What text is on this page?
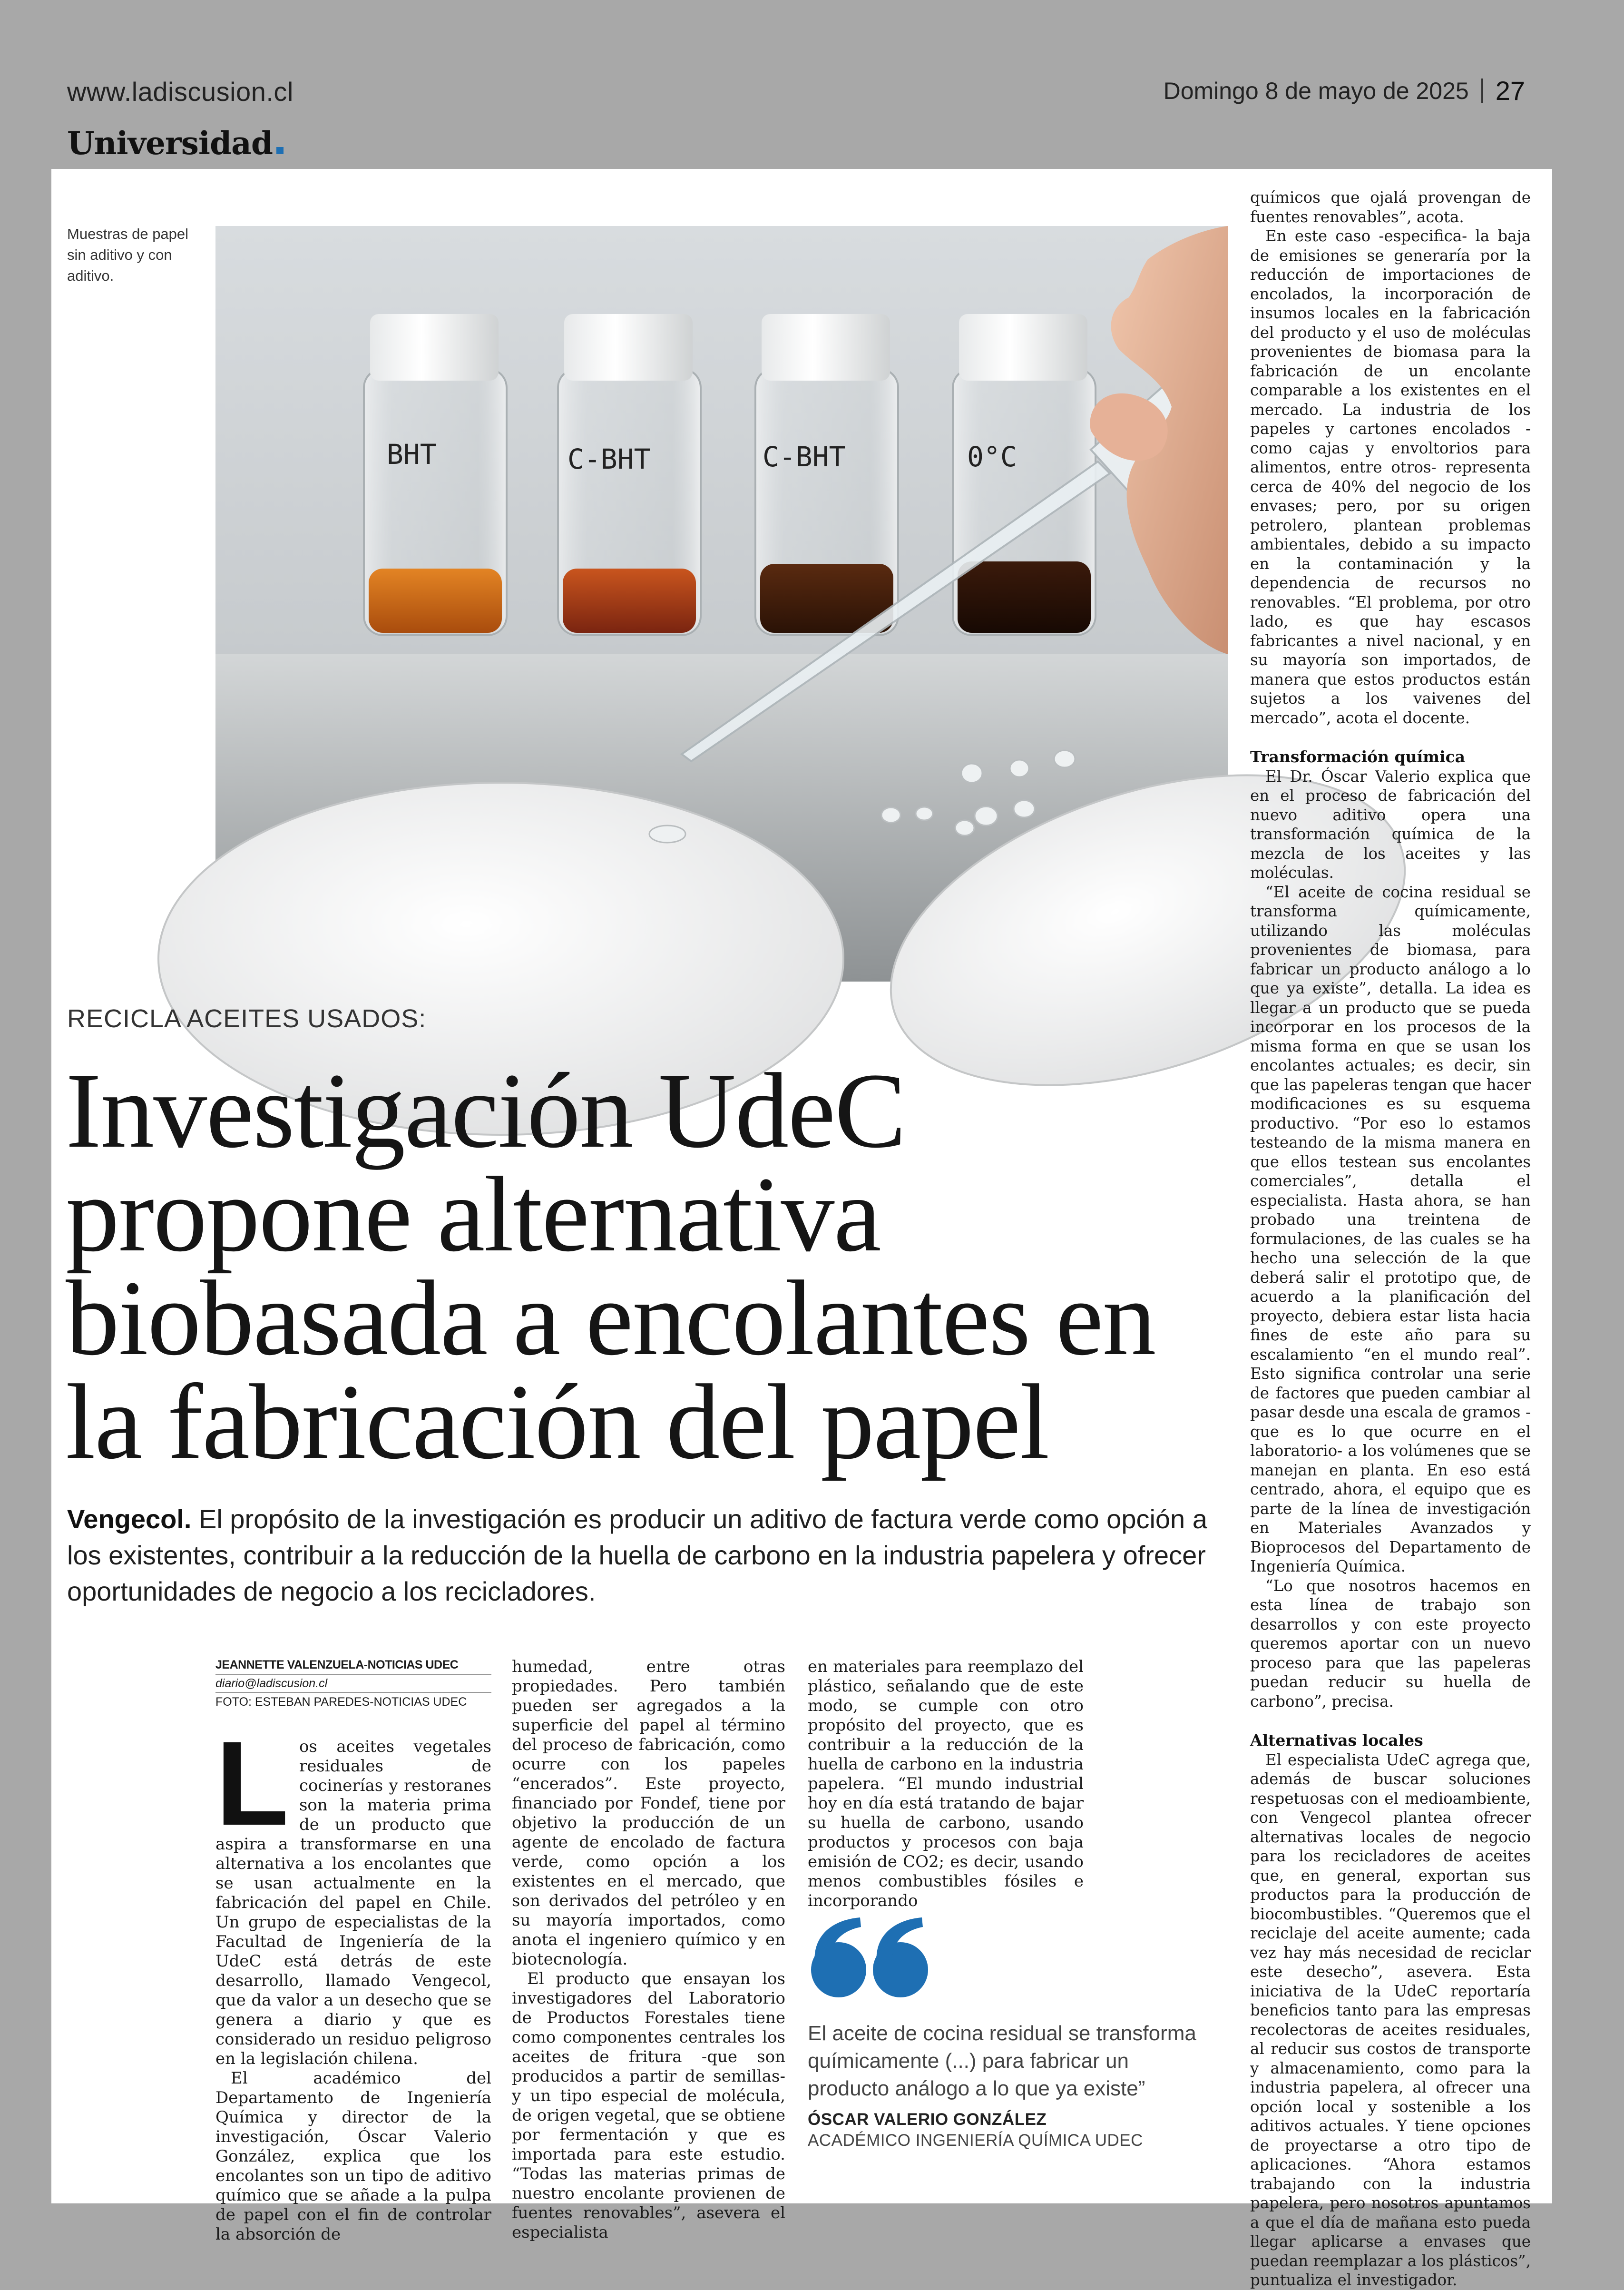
www.ladiscusion.cl	Domingo 8 de mayo de 2025 27
Universidad
Muestras de papel sin aditivo y con aditivo.
BHT	C-BHT	C-BHT	0°C
RECICLA ACEITES USADOS:
Investigación UdeC propone alternativa biobasada a encolantes en la fabricación del papel
Vengecol. El propósito de la investigación es producir un aditivo de factura verde como opción a los existentes, contribuir a la reducción de la huella de carbono en la industria papelera y ofrecer oportunidades de negocio a los recicladores.
JEANNETTE VALENZUELA-NOTICIAS UDEC
diario@ladiscusion.cl
FOTO: ESTEBAN PAREDES-NOTICIAS UDEC

Los aceites vegetales residuales de cocinerías y restoranes son la materia prima de un producto que aspira a transformarse en una alternativa a los encolantes que se usan actualmente en la fabricación del papel en Chile. Un grupo de especialistas de la Facultad de Ingeniería de la UdeC está detrás de este desarrollo, llamado Vengecol, que da valor a un desecho que se genera a diario y que es considerado un residuo peligroso en la legislación chilena.

El académico del Departamento de Ingeniería Química y director de la investigación, Óscar Valerio González, explica que los encolantes son un tipo de aditivo químico que se añade a la pulpa de papel con el fin de controlar la absorción de

humedad, entre otras propiedades. Pero también pueden ser agregados a la superficie del papel al término del proceso de fabricación, como ocurre con los papeles “encerados”. Este proyecto, financiado por Fondef, tiene por objetivo la producción de un agente de encolado de factura verde, como opción a los existentes en el mercado, que son derivados del petróleo y en su mayoría importados, como anota el ingeniero químico y en biotecnología.

El producto que ensayan los investigadores del Laboratorio de Productos Forestales tiene como componentes centrales los aceites de fritura -que son producidos a partir de semillas- y un tipo especial de molécula, de origen vegetal, que se obtiene por fermentación y que es importada para este estudio. “Todas las materias primas de nuestro encolante provienen de fuentes renovables”, asevera el especialista

en materiales para reemplazo del plástico, señalando que de este modo, se cumple con otro propósito del proyecto, que es contribuir a la reducción de la huella de carbono en la industria papelera. “El mundo industrial hoy en día está tratando de bajar su huella de carbono, usando productos y procesos con baja emisión de CO2; es decir, usando menos combustibles fósiles e incorporando

El aceite de cocina residual se transforma químicamente (...) para fabricar un producto análogo a lo que ya existe”
ÓSCAR VALERIO GONZÁLEZ
ACADÉMICO INGENIERÍA QUÍMICA UDEC

químicos que ojalá provengan de fuentes renovables”, acota.

En este caso -especifica- la baja de emisiones se generaría por la reducción de importaciones de encolados, la incorporación de insumos locales en la fabricación del producto y el uso de moléculas provenientes de biomasa para la fabricación de un encolante comparable a los existentes en el mercado. La industria de los papeles y cartones encolados -como cajas y envoltorios para alimentos, entre otros- representa cerca de 40% del negocio de los envases; pero, por su origen petrolero, plantean problemas ambientales, debido a su impacto en la contaminación y la dependencia de recursos no renovables. “El problema, por otro lado, es que hay escasos fabricantes a nivel nacional, y en su mayoría son importados, de manera que estos productos están sujetos a los vaivenes del mercado”, acota el docente.

Transformación química

El Dr. Óscar Valerio explica que en el proceso de fabricación del nuevo aditivo opera una transformación química de la mezcla de los aceites y las moléculas.

“El aceite de cocina residual se transforma químicamente, utilizando las moléculas provenientes de biomasa, para fabricar un producto análogo a lo que ya existe”, detalla. La idea es llegar a un producto que se pueda incorporar en los procesos de la misma forma en que se usan los encolantes actuales; es decir, sin que las papeleras tengan que hacer modificaciones es su esquema productivo. “Por eso lo estamos testeando de la misma manera en que ellos testean sus encolantes comerciales”, detalla el especialista. Hasta ahora, se han probado una treintena de formulaciones, de las cuales se ha hecho una selección de la que deberá salir el prototipo que, de acuerdo a la planificación del proyecto, debiera estar lista hacia fines de este año para su escalamiento “en el mundo real”. Esto significa controlar una serie de factores que pueden cambiar al pasar desde una escala de gramos -que es lo que ocurre en el laboratorio- a los volúmenes que se manejan en planta. En eso está centrado, ahora, el equipo que es parte de la línea de investigación en Materiales Avanzados y Bioprocesos del Departamento de Ingeniería Química.

“Lo que nosotros hacemos en esta línea de trabajo son desarrollos y con este proyecto queremos aportar con un nuevo proceso para que las papeleras puedan reducir su huella de carbono”, precisa.

Alternativas locales

El especialista UdeC agrega que, además de buscar soluciones respetuosas con el medioambiente, con Vengecol plantea ofrecer alternativas locales de negocio para los recicladores de aceites que, en general, exportan sus productos para la producción de biocombustibles. “Queremos que el reciclaje del aceite aumente; cada vez hay más necesidad de reciclar este desecho”, asevera. Esta iniciativa de la UdeC reportaría beneficios tanto para las empresas recolectoras de aceites residuales, al reducir sus costos de transporte y almacenamiento, como para la industria papelera, al ofrecer una opción local y sostenible a los aditivos actuales. Y tiene opciones de proyectarse a otro tipo de aplicaciones. “Ahora estamos trabajando con la industria papelera, pero nosotros apuntamos a que el día de mañana esto pueda llegar aplicarse a envases que puedan reemplazar a los plásticos”, puntualiza el investigador.
